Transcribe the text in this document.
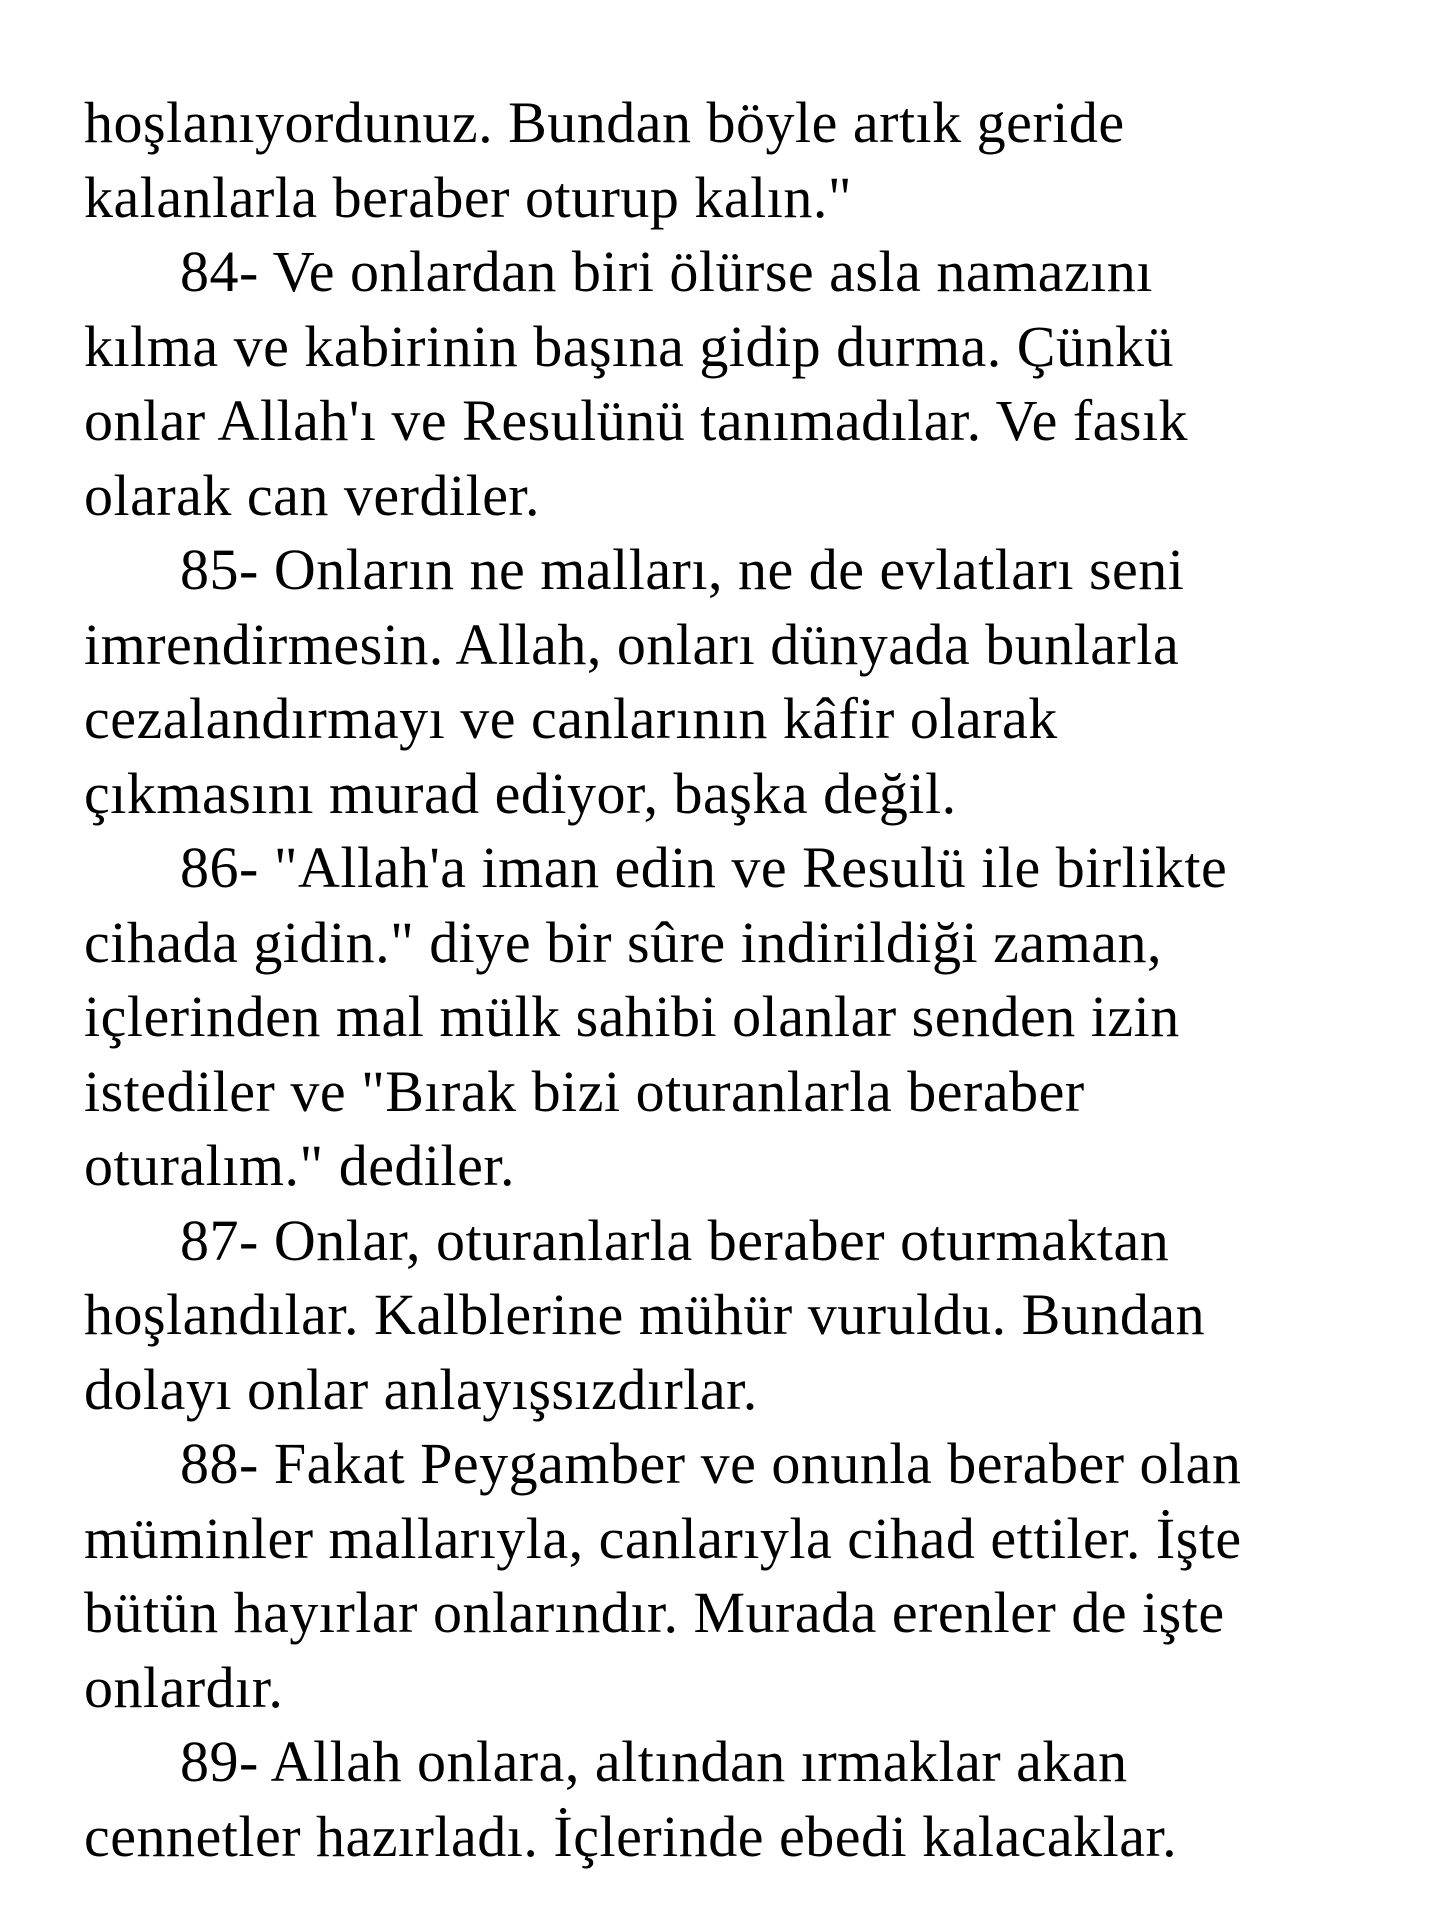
hoşlanıyordunuz. Bundan böyle artık geride
kalanlarla beraber oturup kalın."
84- Ve onlardan biri ölürse asla namazını
kılma ve kabirinin başına gidip durma. Çünkü
onlar Allah'ı ve Resulünü tanımadılar. Ve fasık
olarak can verdiler.
85- Onların ne malları, ne de evlatları seni
imrendirmesin. Allah, onları dünyada bunlarla
cezalandırmayı ve canlarının kâfir olarak
çıkmasını murad ediyor, başka değil.
86- "Allah'a iman edin ve Resulü ile birlikte
cihada gidin." diye bir sûre indirildiği zaman,
içlerinden mal mülk sahibi olanlar senden izin
istediler ve "Bırak bizi oturanlarla beraber
oturalım." dediler.
87- Onlar, oturanlarla beraber oturmaktan
hoşlandılar. Kalblerine mühür vuruldu. Bundan
dolayı onlar anlayışsızdırlar.
88- Fakat Peygamber ve onunla beraber olan
müminler mallarıyla, canlarıyla cihad ettiler. İşte
bütün hayırlar onlarındır. Murada erenler de işte
onlardır.
89- Allah onlara, altından ırmaklar akan
cennetler hazırladı. İçlerinde ebedi kalacaklar.
